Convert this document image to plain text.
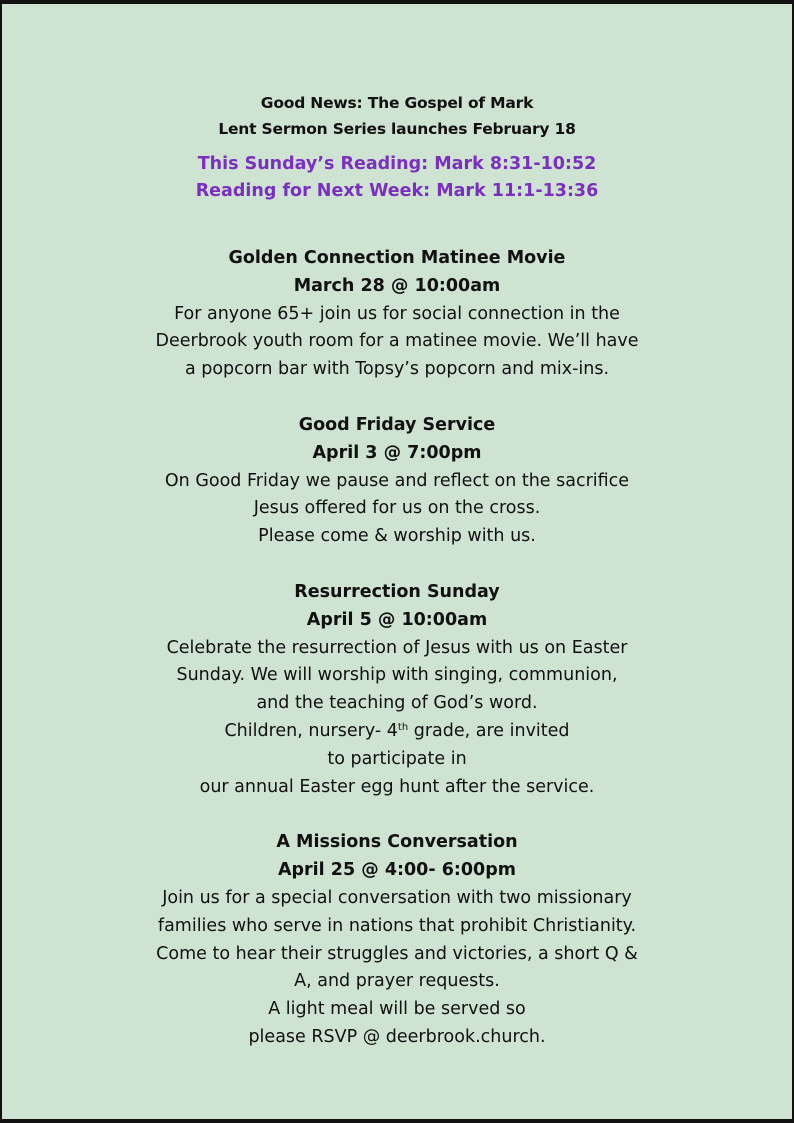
Good News: The Gospel of Mark
Lent Sermon Series launches February 18
This Sunday’s Reading: Mark 8:31-10:52
Reading for Next Week: Mark 11:1-13:36
Golden Connection Matinee Movie
March 28 @ 10:00am
For anyone 65+ join us for social connection in the
Deerbrook youth room for a matinee movie. We’ll have
a popcorn bar with Topsy’s popcorn and mix-ins.
Good Friday Service
April 3 @ 7:00pm
On Good Friday we pause and reflect on the sacrifice
Jesus offered for us on the cross.
Please come & worship with us.
Resurrection Sunday
April 5 @ 10:00am
Celebrate the resurrection of Jesus with us on Easter
Sunday. We will worship with singing, communion,
and the teaching of God’s word.
Children, nursery- 4th grade, are invited
to participate in
our annual Easter egg hunt after the service.
A Missions Conversation
April 25 @ 4:00- 6:00pm
Join us for a special conversation with two missionary
families who serve in nations that prohibit Christianity.
Come to hear their struggles and victories, a short Q &
A, and prayer requests.
A light meal will be served so
please RSVP @ deerbrook.church.
